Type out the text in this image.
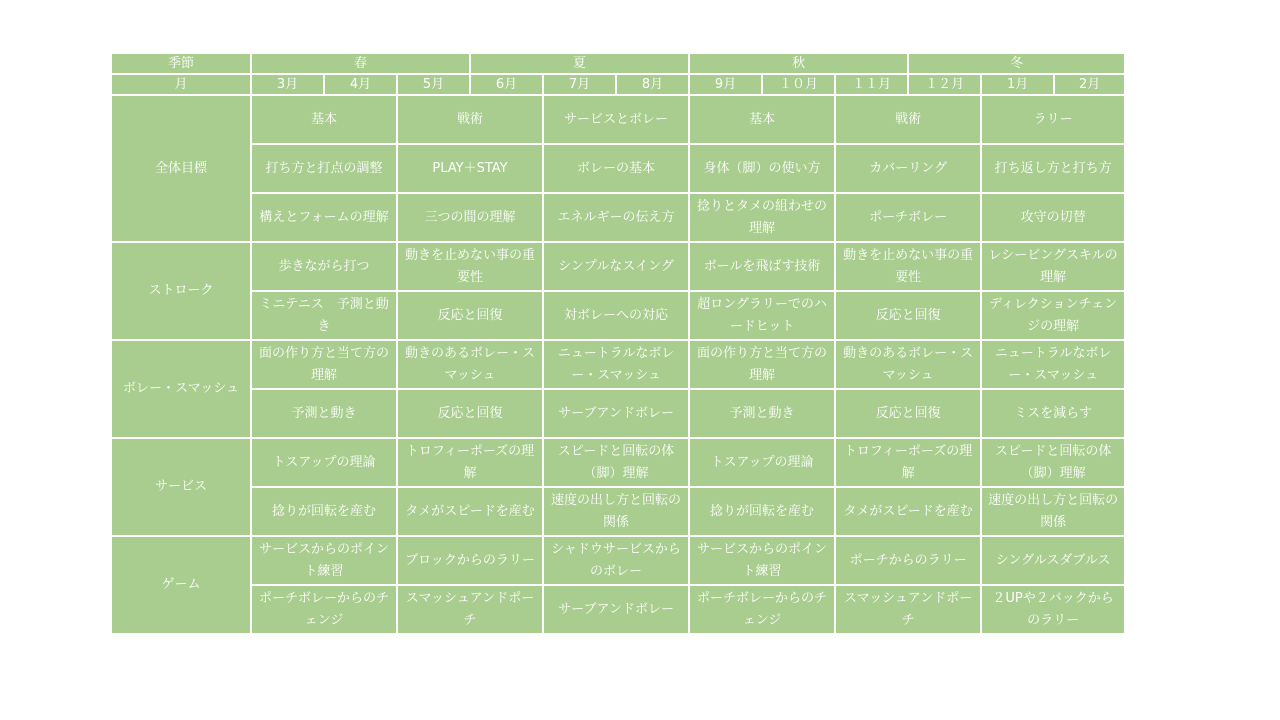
季節	春			夏			秋			冬		
月	3月	4月	5月	6月	7月	8月	9月	１０月	１１月	１２月	1月	2月
全体目標	基本		戦術		サービスとボレー		基本		戦術		ラリー	
	打ち方と打点の調整		PLAY＋STAY		ボレーの基本		身体（脚）の使い方		カバーリング		打ち返し方と打ち方	
	構えとフォームの理解		三つの間の理解		エネルギーの伝え方		捻りとタメの組わせの理解		ポーチボレー		攻守の切替	
ストローク	歩きながら打つ		動きを止めない事の重要性		シンプルなスイング		ボールを飛ばす技術		動きを止めない事の重要性		レシービングスキルの理解	
	ミニテニス　予測と動き		反応と回復		対ボレーへの対応		超ロングラリーでのハードヒット		反応と回復		ディレクションチェンジの理解	
ボレー・スマッシュ	面の作り方と当て方の理解		動きのあるボレー・スマッシュ		ニュートラルなボレー・スマッシュ		面の作り方と当て方の理解		動きのあるボレー・スマッシュ		ニュートラルなボレー・スマッシュ	
	予測と動き		反応と回復		サーブアンドボレー		予測と動き		反応と回復		ミスを減らす	
サービス	トスアップの理論		トロフィーポーズの理解		スピードと回転の体（脚）理解		トスアップの理論		トロフィーポーズの理解		スピードと回転の体（脚）理解	
	捻りが回転を産む		タメがスピードを産む		速度の出し方と回転の関係		捻りが回転を産む		タメがスピードを産む		速度の出し方と回転の関係	
ゲーム	サービスからのポイント練習		ブロックからのラリー		シャドウサービスからのボレー		サービスからのポイント練習		ポーチからのラリー		シングルスダブルス	
	ポーチボレーからのチェンジ		スマッシュアンドポーチ		サーブアンドボレー		ポーチボレーからのチェンジ		スマッシュアンドポーチ		２UPや２バックからのラリー	
